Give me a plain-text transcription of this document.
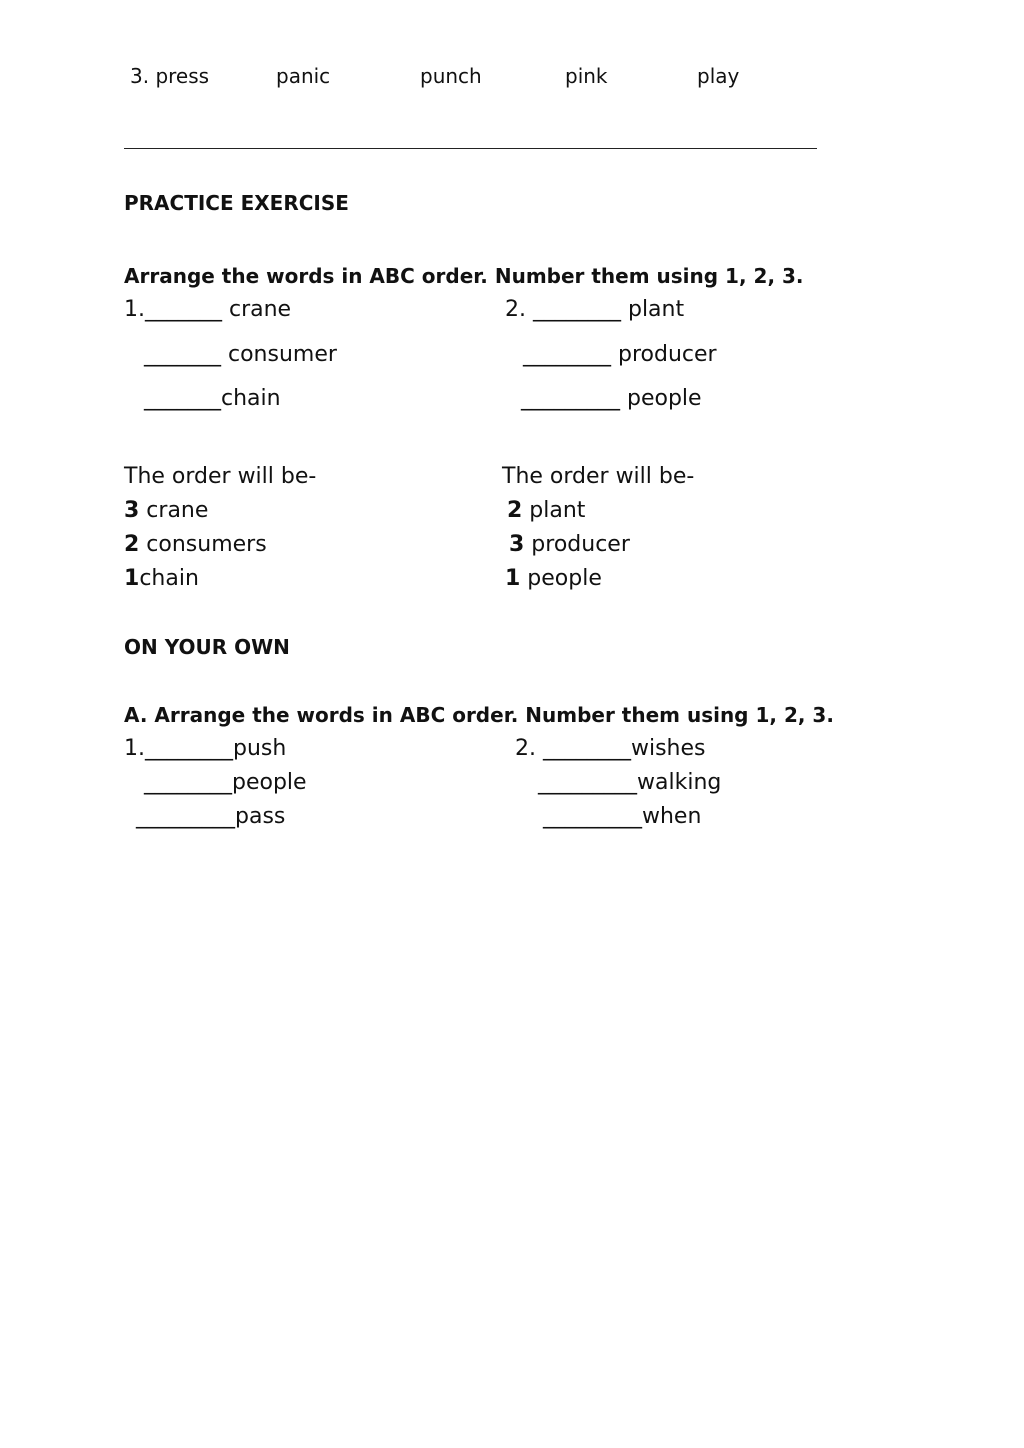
3. press	panic	punch	pink	play
PRACTICE EXERCISE
Arrange the words in ABC order. Number them using 1, 2, 3.
1._______ crane
_______ consumer
_______chain
2. ________ plant
________ producer
_________ people
The order will be-	The order will be-
3 crane
2 consumers
1chain
2 plant
3 producer
1 people
ON YOUR OWN
A. Arrange the words in ABC order. Number them using 1, 2, 3.
1.________push
________people
_________pass
2. ________wishes
_________walking
_________when
